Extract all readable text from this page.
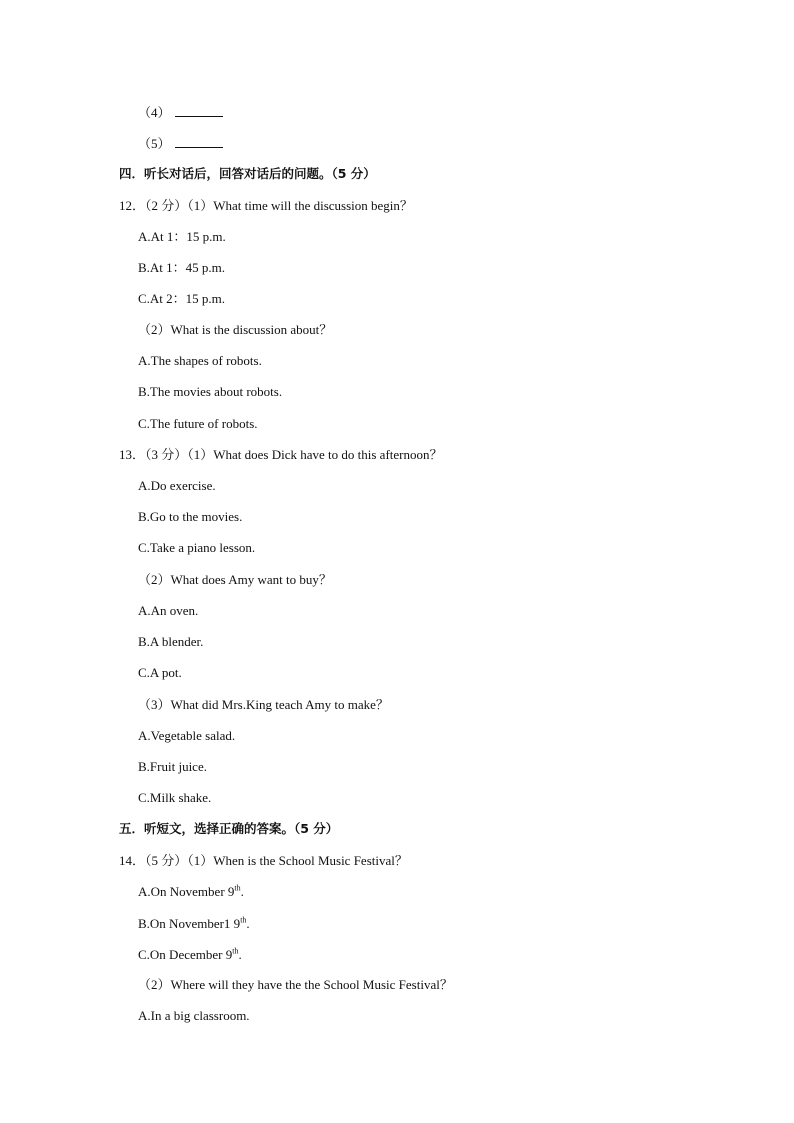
（4）
（5）
四．听长对话后，回答对话后的问题。（5 分）
12．（2 分）（1）What time will the discussion begin？
A.At 1：15 p.m.
B.At 1：45 p.m.
C.At 2：15 p.m.
（2）What is the discussion about？
A.The shapes of robots.
B.The movies about robots.
C.The future of robots.
13．（3 分）（1）What does Dick have to do this afternoon？
A.Do exercise.
B.Go to the movies.
C.Take a piano lesson.
（2）What does Amy want to buy？
A.An oven.
B.A blender.
C.A pot.
（3）What did Mrs.King teach Amy to make？
A.Vegetable salad.
B.Fruit juice.
C.Milk shake.
五．听短文，选择正确的答案。（5 分）
14．（5 分）（1）When is the School Music Festival？
A.On November 9th.
B.On November1 9th.
C.On December 9th.
（2）Where will they have the the School Music Festival？
A.In a big classroom.
